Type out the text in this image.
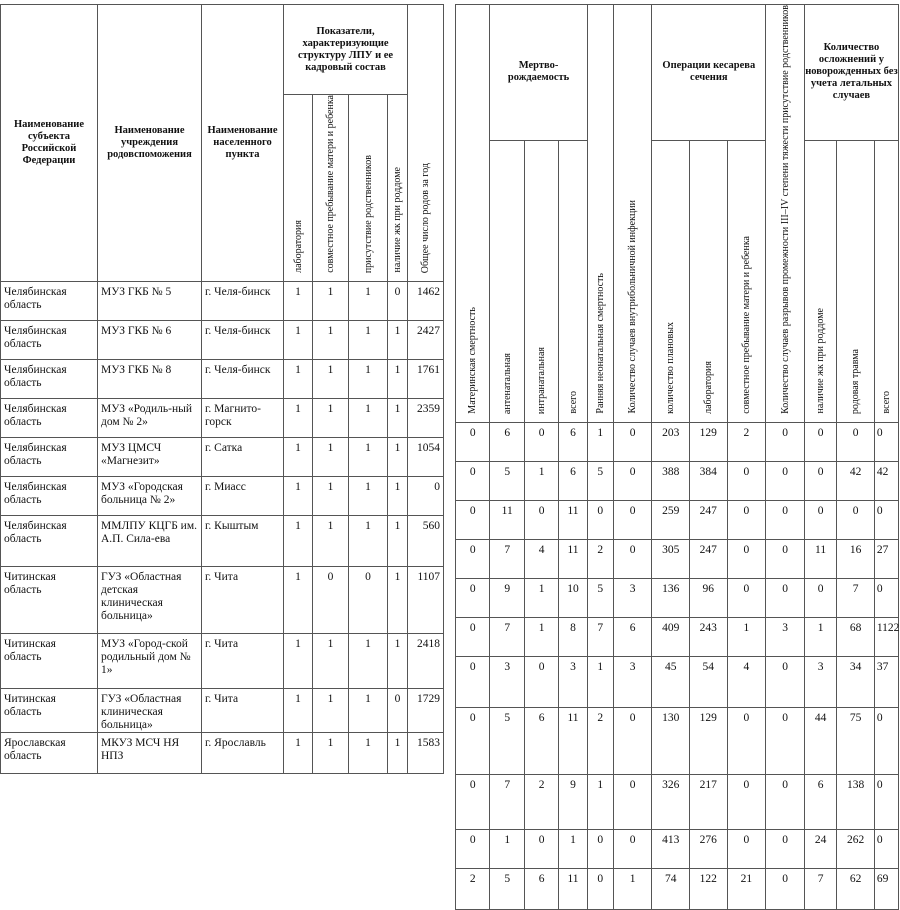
Наименование субъекта Российской Федерации	Наименование учреждения родовспоможения	Наименование населенного пункта	Показатели, характеризующие структуру ЛПУ и ее кадровый состав				Общее число родов за год
			лаборатория	совместное пребывание матери и ребенка	присутствие родственников	наличие жк при роддоме	
Челябинская область	МУЗ ГКБ № 5	г. Челя-бинск	1	1	1	0	1462
Челябинская область	МУЗ ГКБ № 6	г. Челя-бинск	1	1	1	1	2427
Челябинская область	МУЗ ГКБ № 8	г. Челя-бинск	1	1	1	1	1761
Челябинская область	МУЗ «Родиль-ный дом № 2»	г. Магнито-горск	1	1	1	1	2359
Челябинская область	МУЗ ЦМСЧ «Магнезит»	г. Сатка	1	1	1	1	1054
Челябинская область	МУЗ «Городская больница № 2»	г. Миасс	1	1	1	1	0
Челябинская область	ММЛПУ КЦГБ им. А.П. Сила-ева	г. Кыштым	1	1	1	1	560
Читинская область	ГУЗ «Областная детская клиническая больница»	г. Чита	1	0	0	1	1107
Читинская область	МУЗ «Город-ской родильный дом № 1»	г. Чита	1	1	1	1	2418
Читинская область	ГУЗ «Областная клиническая больница»	г. Чита	1	1	1	0	1729
Ярославская область	МКУЗ МСЧ НЯ НПЗ	г. Ярославль	1	1	1	1	1583
Материнская смертность	Мертво-рождаемость			Ранняя неонатальная смертность	Количество случаев внутрибольничной инфекции	Операции кесарева сечения			Количество случаев разрывов промежности III–IV степени тяжести присутствие родственников	Количество осложнений у новорожденных без учета летальных случаев		
	антенатальная	интранатальная	всего			количество плановых	лаборатория	совместное пребывание матери и ребенка		наличие жк при роддоме	родовая травма	всего
0	6	0	6	1	0	203	129	2	0	0	0	0
0	5	1	6	5	0	388	384	0	0	0	42	42
0	11	0	11	0	0	259	247	0	0	0	0	0
0	7	4	11	2	0	305	247	0	0	11	16	27
0	9	1	10	5	3	136	96	0	0	0	7	0
0	7	1	8	7	6	409	243	1	3	1	68	1122
0	3	0	3	1	3	45	54	4	0	3	34	37
0	5	6	11	2	0	130	129	0	0	44	75	0
0	7	2	9	1	0	326	217	0	0	6	138	0
0	1	0	1	0	0	413	276	0	0	24	262	0
2	5	6	11	0	1	74	122	21	0	7	62	69
